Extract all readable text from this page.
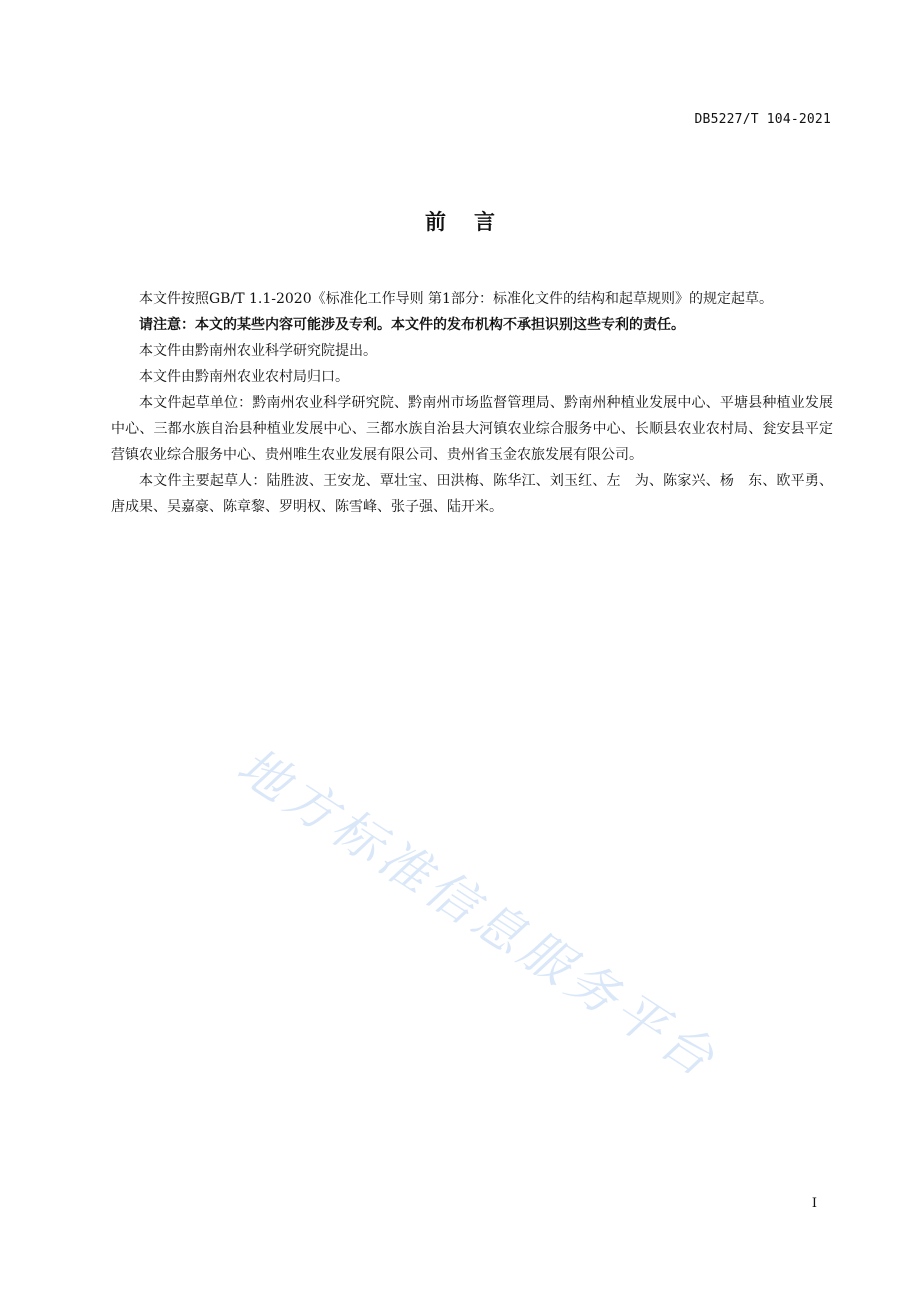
DB5227/T 104-2021
前言

本文件按照GB/T 1.1-2020《标准化工作导则 第1部分：标准化文件的结构和起草规则》的规定起草。

请注意：本文的某些内容可能涉及专利。本文件的发布机构不承担识别这些专利的责任。

本文件由黔南州农业科学研究院提出。

本文件由黔南州农业农村局归口。

本文件起草单位：黔南州农业科学研究院、黔南州市场监督管理局、黔南州种植业发展中心、平塘县种植业发展中心、三都水族自治县种植业发展中心、三都水族自治县大河镇农业综合服务中心、长顺县农业农村局、瓮安县平定营镇农业综合服务中心、贵州唯生农业发展有限公司、贵州省玉金农旅发展有限公司。

本文件主要起草人：陆胜波、王安龙、覃壮宝、田洪梅、陈华江、刘玉红、左　为、陈家兴、杨　东、欧平勇、唐成果、吴嘉豪、陈章黎、罗明权、陈雪峰、张子强、陆开米。

地方标准信息服务平台
I
